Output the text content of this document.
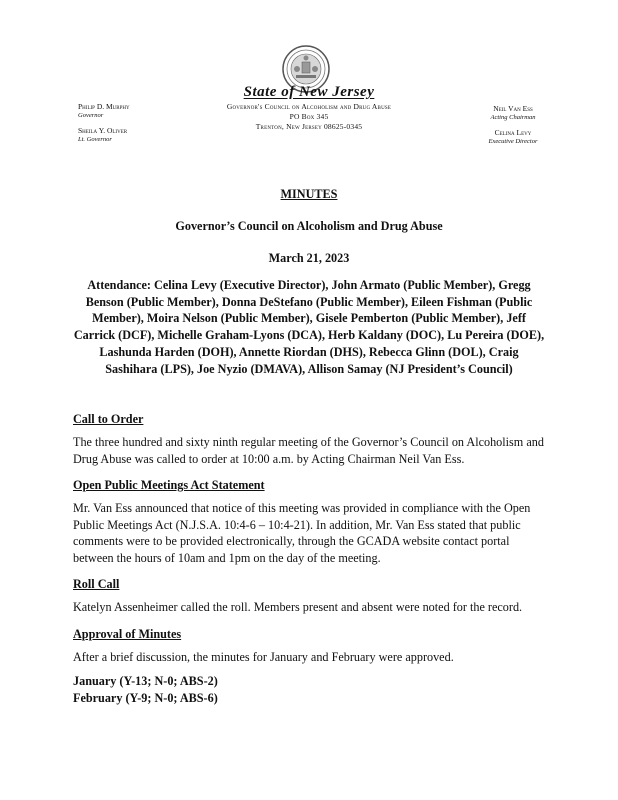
State of New Jersey
Governor's Council on Alcoholism and Drug Abuse
PO Box 345
Trenton, New Jersey 08625-0345
Philip D. Murphy
Governor
Sheila Y. Oliver
Lt. Governor
Neil Van Ess
Acting Chairman
Celina Levy
Executive Director
MINUTES
Governor’s Council on Alcoholism and Drug Abuse
March 21, 2023
Attendance: Celina Levy (Executive Director), John Armato (Public Member), Gregg Benson (Public Member), Donna DeStefano (Public Member), Eileen Fishman (Public Member), Moira Nelson (Public Member), Gisele Pemberton (Public Member), Jeff Carrick (DCF), Michelle Graham-Lyons (DCA), Herb Kaldany (DOC), Lu Pereira (DOE), Lashunda Harden (DOH), Annette Riordan (DHS), Rebecca Glinn (DOL), Craig Sashihara (LPS), Joe Nyzio (DMAVA), Allison Samay (NJ President’s Council)
Call to Order
The three hundred and sixty ninth regular meeting of the Governor’s Council on Alcoholism and Drug Abuse was called to order at 10:00 a.m. by Acting Chairman Neil Van Ess.
Open Public Meetings Act Statement
Mr. Van Ess announced that notice of this meeting was provided in compliance with the Open Public Meetings Act (N.J.S.A. 10:4-6 – 10:4-21). In addition, Mr. Van Ess stated that public comments were to be provided electronically, through the GCADA website contact portal between the hours of 10am and 1pm on the day of the meeting.
Roll Call
Katelyn Assenheimer called the roll. Members present and absent were noted for the record.
Approval of Minutes
After a brief discussion, the minutes for January and February were approved.
January (Y-13; N-0; ABS-2)
February (Y-9; N-0; ABS-6)
